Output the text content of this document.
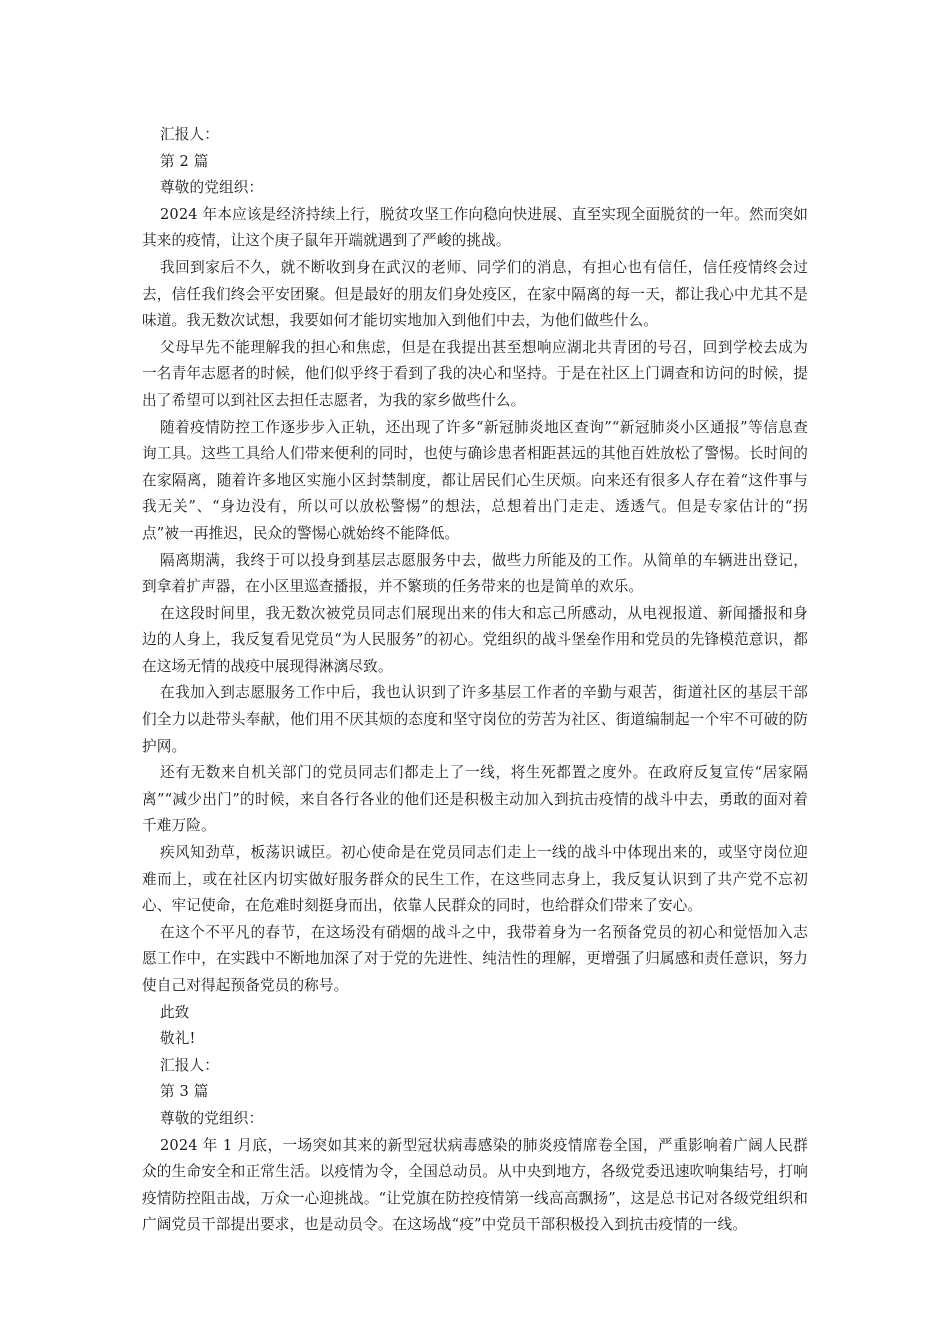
汇报人：
第 2 篇
尊敬的党组织：

2024 年本应该是经济持续上行，脱贫攻坚工作向稳向快进展、直至实现全面脱贫的一年。然而突如其来的疫情，让这个庚子鼠年开端就遇到了严峻的挑战。

我回到家后不久，就不断收到身在武汉的老师、同学们的消息，有担心也有信任，信任疫情终会过去，信任我们终会平安团聚。但是最好的朋友们身处疫区，在家中隔离的每一天，都让我心中尤其不是味道。我无数次试想，我要如何才能切实地加入到他们中去，为他们做些什么。

父母早先不能理解我的担心和焦虑，但是在我提出甚至想响应湖北共青团的号召，回到学校去成为一名青年志愿者的时候，他们似乎终于看到了我的决心和坚持。于是在社区上门调查和访问的时候，提出了希望可以到社区去担任志愿者，为我的家乡做些什么。

随着疫情防控工作逐步步入正轨，还出现了许多“新冠肺炎地区查询”“新冠肺炎小区通报”等信息查询工具。这些工具给人们带来便利的同时，也使与确诊患者相距甚远的其他百姓放松了警惕。长时间的在家隔离，随着许多地区实施小区封禁制度，都让居民们心生厌烦。向来还有很多人存在着“这件事与我无关”、“身边没有，所以可以放松警惕”的想法，总想着出门走走、透透气。但是专家估计的“拐点”被一再推迟，民众的警惕心就始终不能降低。

隔离期满，我终于可以投身到基层志愿服务中去，做些力所能及的工作。从简单的车辆进出登记，到拿着扩声器，在小区里巡查播报，并不繁琐的任务带来的也是简单的欢乐。

在这段时间里，我无数次被党员同志们展现出来的伟大和忘己所感动，从电视报道、新闻播报和身边的人身上，我反复看见党员“为人民服务”的初心。党组织的战斗堡垒作用和党员的先锋模范意识，都在这场无情的战疫中展现得淋漓尽致。

在我加入到志愿服务工作中后，我也认识到了许多基层工作者的辛勤与艰苦，街道社区的基层干部们全力以赴带头奉献，他们用不厌其烦的态度和坚守岗位的劳苦为社区、街道编制起一个牢不可破的防护网。

还有无数来自机关部门的党员同志们都走上了一线，将生死都置之度外。在政府反复宣传“居家隔离”“减少出门”的时候，来自各行各业的他们还是积极主动加入到抗击疫情的战斗中去，勇敢的面对着千难万险。

疾风知劲草，板荡识诚臣。初心使命是在党员同志们走上一线的战斗中体现出来的，或坚守岗位迎难而上，或在社区内切实做好服务群众的民生工作，在这些同志身上，我反复认识到了共产党不忘初心、牢记使命，在危难时刻挺身而出，依靠人民群众的同时，也给群众们带来了安心。

在这个不平凡的春节，在这场没有硝烟的战斗之中，我带着身为一名预备党员的初心和觉悟加入志愿工作中，在实践中不断地加深了对于党的先进性、纯洁性的理解，更增强了归属感和责任意识，努力使自己对得起预备党员的称号。

此致
敬礼!
汇报人：
第 3 篇
尊敬的党组织：

2024 年 1 月底，一场突如其来的新型冠状病毒感染的肺炎疫情席卷全国，严重影响着广阔人民群众的生命安全和正常生活。以疫情为令，全国总动员。从中央到地方，各级党委迅速吹响集结号，打响疫情防控阻击战，万众一心迎挑战。“让党旗在防控疫情第一线高高飘扬”，这是总书记对各级党组织和广阔党员干部提出要求，也是动员令。在这场战“疫”中党员干部积极投入到抗击疫情的一线。
